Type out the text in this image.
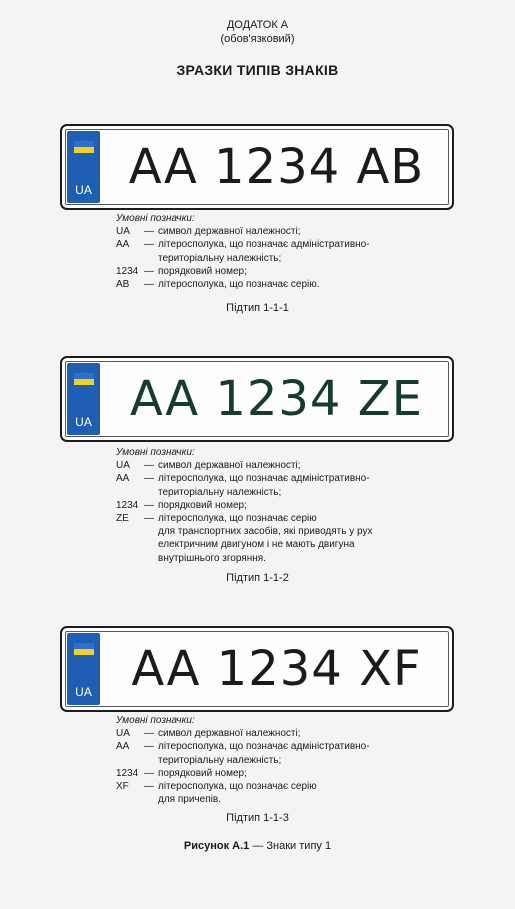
ДОДАТОК А
(обов'язковий)
ЗРАЗКИ ТИПІВ ЗНАКІВ
UA AA 1234 AB
Умовні позначки:
UA	— символ державної належності;
AA	— літеросполука, що позначає адміністративно-
територіальну належність;
1234 — порядковий номер;
AB	— літеросполука, що позначає серію.
Підтип 1-1-1
UA AA 1234 ZE
Умовні позначки:
UA	— символ державної належності;
AA	— літеросполука, що позначає адміністративно-
територіальну належність;
1234 — порядковий номер;
ZE	— літеросполука, що позначає серію
для транспортних засобів, які приводять у рух електричним двигуном і не мають двигуна внутрішнього згоряння.
Підтип 1-1-2
UA AA 1234 XF
Умовні позначки:
UA	— символ державної належності;
AA	— літеросполука, що позначає адміністративно-
територіальну належність;
1234 — порядковий номер;
XF	— літеросполука, що позначає серію
для причепів.
Підтип 1-1-3
Рисунок А.1 — Знаки типу 1
